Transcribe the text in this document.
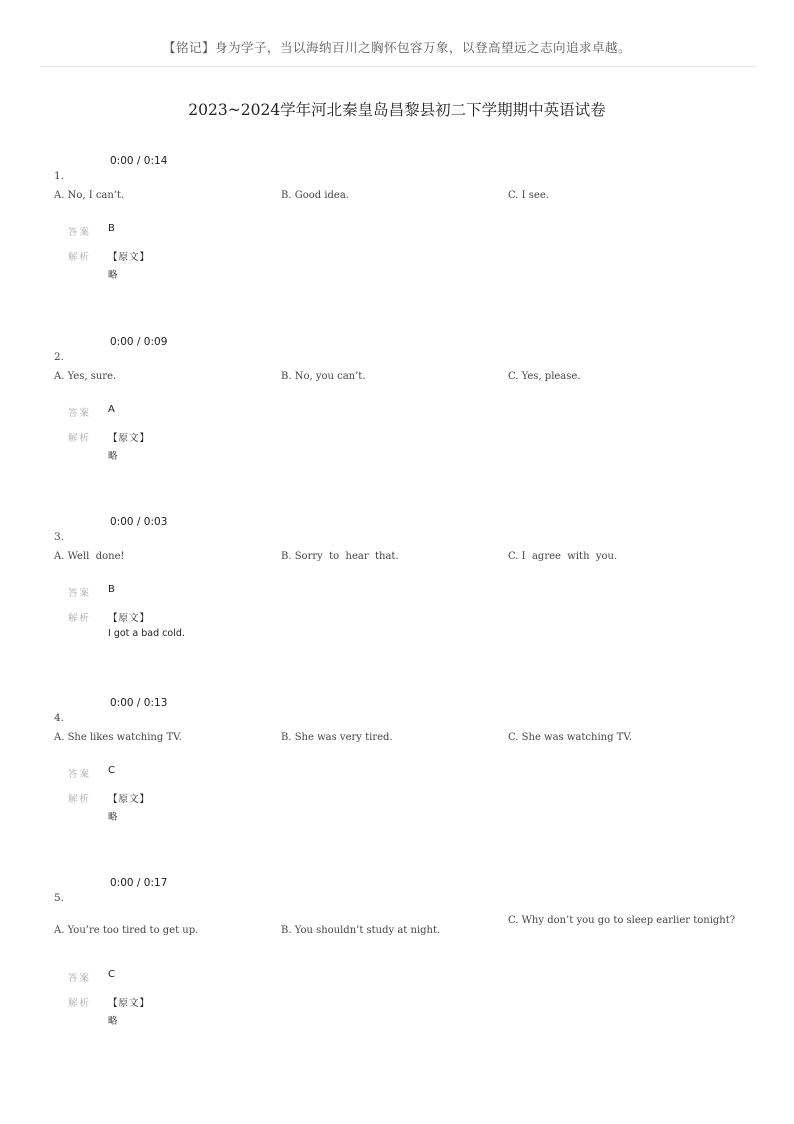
【铭记】身为学子，当以海纳百川之胸怀包容万象，以登高望远之志向追求卓越。
2023~2024学年河北秦皇岛昌黎县初二下学期期中英语试卷
0:00 / 0:14
1.
A. No, I can’t.	B. Good idea.	C. I see.
答案 B
解析 【原文】
略
0:00 / 0:09
2.
A. Yes, sure.	B. No, you can’t.	C. Yes, please.
答案 A
解析 【原文】
略
0:00 / 0:03
3.
A. Well  done!	B. Sorry  to  hear  that.	C. I  agree  with  you.
答案 B
解析 【原文】
I got a bad cold.
0:00 / 0:13
4.
A. She likes watching TV.	B. She was very tired.	C. She was watching TV.
答案 C
解析 【原文】
略
0:00 / 0:17
5.
A. You’re too tired to get up.	B. You shouldn’t study at night.
C. Why don’t you go to sleep earlier tonight?
答案 C
解析 【原文】
略
